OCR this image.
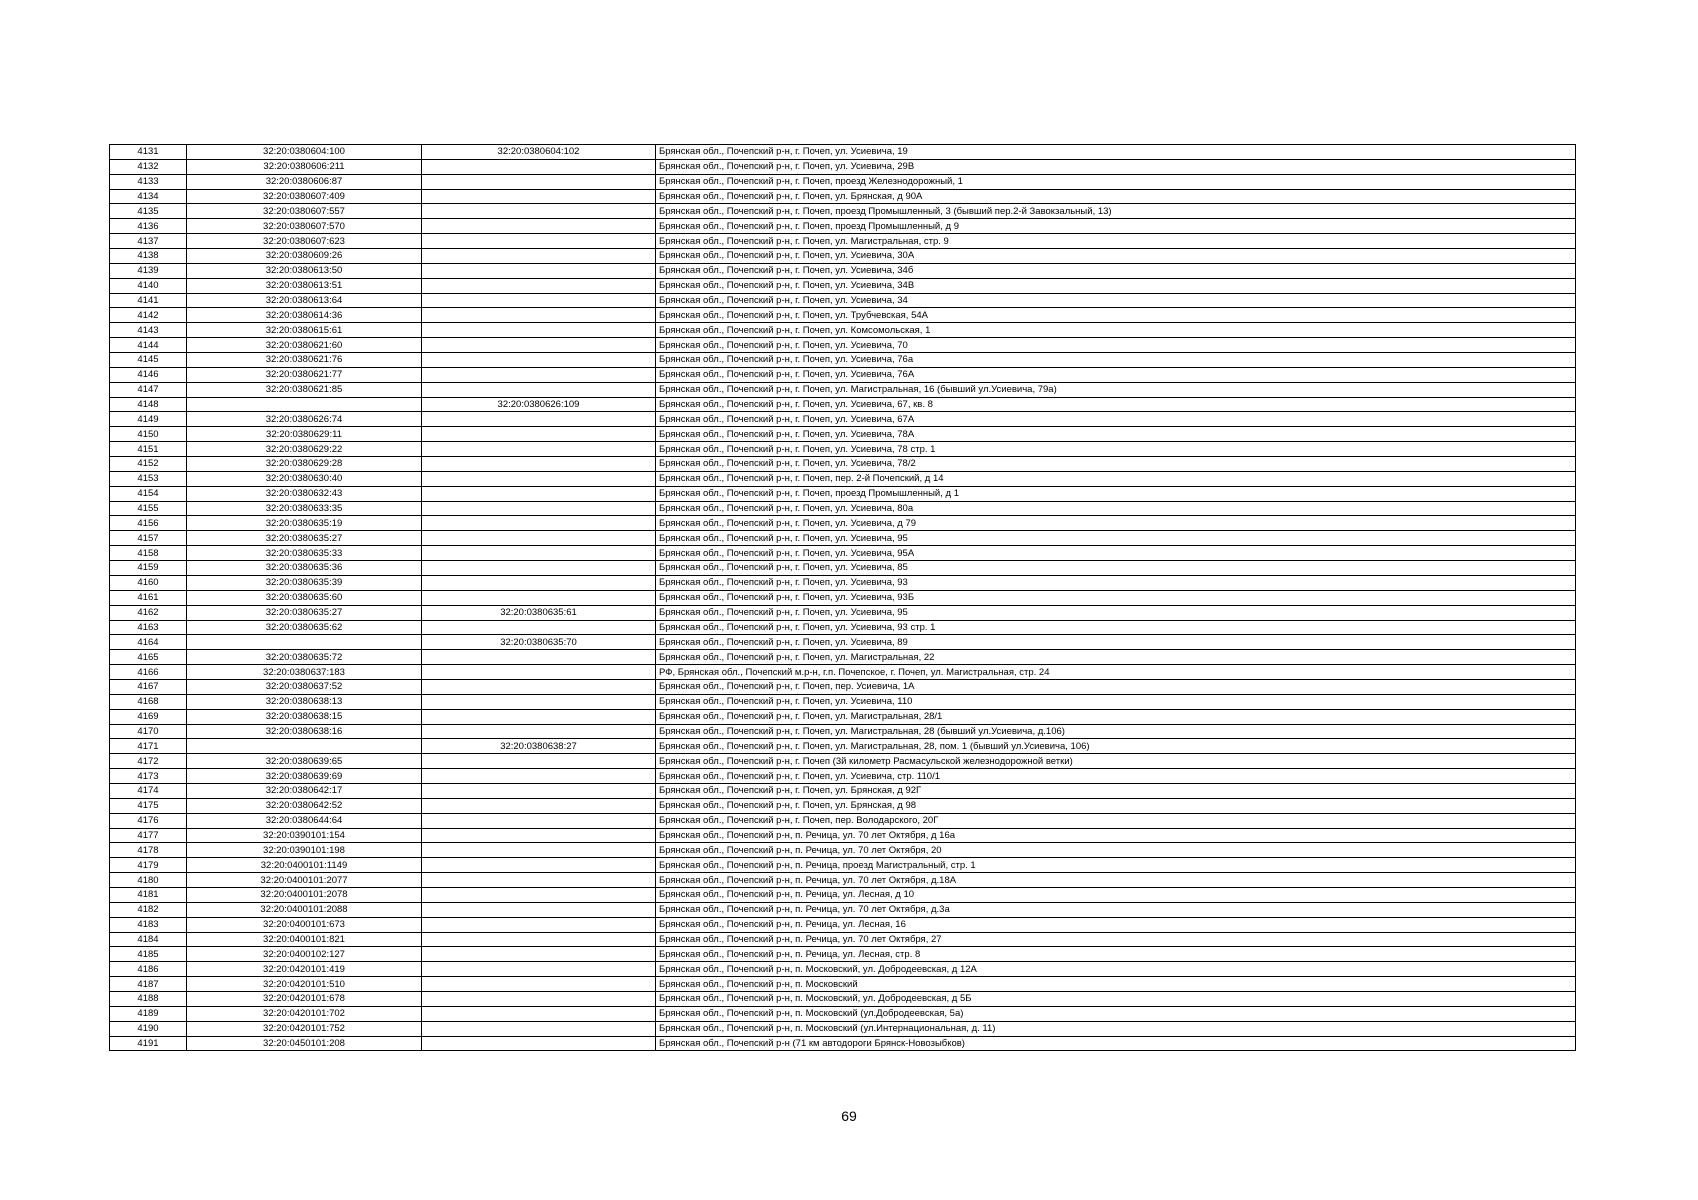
4131	32:20:0380604:100	32:20:0380604:102	Брянская обл., Почепский р-н, г. Почеп, ул. Усиевича, 19
4132	32:20:0380606:211		Брянская обл., Почепский р-н, г. Почеп, ул. Усиевича, 29В
4133	32:20:0380606:87		Брянская обл., Почепский р-н, г. Почеп, проезд Железнодорожный, 1
4134	32:20:0380607:409		Брянская обл., Почепский р-н, г. Почеп, ул. Брянская, д 90А
4135	32:20:0380607:557		Брянская обл., Почепский р-н, г. Почеп, проезд Промышленный, 3 (бывший пер.2-й Завокзальный, 13)
4136	32:20:0380607:570		Брянская обл., Почепский р-н, г. Почеп, проезд Промышленный, д 9
4137	32:20:0380607:623		Брянская обл., Почепский р-н, г. Почеп, ул. Магистральная, стр. 9
4138	32:20:0380609:26		Брянская обл., Почепский р-н, г. Почеп, ул. Усиевича, 30А
4139	32:20:0380613:50		Брянская обл., Почепский р-н, г. Почеп, ул. Усиевича, 34б
4140	32:20:0380613:51		Брянская обл., Почепский р-н, г. Почеп, ул. Усиевича, 34В
4141	32:20:0380613:64		Брянская обл., Почепский р-н, г. Почеп, ул. Усиевича, 34
4142	32:20:0380614:36		Брянская обл., Почепский р-н, г. Почеп, ул. Трубчевская, 54А
4143	32:20:0380615:61		Брянская обл., Почепский р-н, г. Почеп, ул. Комсомольская, 1
4144	32:20:0380621:60		Брянская обл., Почепский р-н, г. Почеп, ул. Усиевича, 70
4145	32:20:0380621:76		Брянская обл., Почепский р-н, г. Почеп, ул. Усиевича, 76а
4146	32:20:0380621:77		Брянская обл., Почепский р-н, г. Почеп, ул. Усиевича, 76А
4147	32:20:0380621:85		Брянская обл., Почепский р-н, г. Почеп, ул. Магистральная, 16 (бывший ул.Усиевича, 79а)
4148		32:20:0380626:109	Брянская обл., Почепский р-н, г. Почеп, ул. Усиевича, 67, кв. 8
4149	32:20:0380626:74		Брянская обл., Почепский р-н, г. Почеп, ул. Усиевича, 67А
4150	32:20:0380629:11		Брянская обл., Почепский р-н, г. Почеп, ул. Усиевича, 78А
4151	32:20:0380629:22		Брянская обл., Почепский р-н, г. Почеп, ул. Усиевича, 78 стр. 1
4152	32:20:0380629:28		Брянская обл., Почепский р-н, г. Почеп, ул. Усиевича, 78/2
4153	32:20:0380630:40		Брянская обл., Почепский р-н, г. Почеп, пер. 2-й Почепский, д 14
4154	32:20:0380632:43		Брянская обл., Почепский р-н, г. Почеп, проезд Промышленный, д 1
4155	32:20:0380633:35		Брянская обл., Почепский р-н, г. Почеп, ул. Усиевича, 80а
4156	32:20:0380635:19		Брянская обл., Почепский р-н, г. Почеп, ул. Усиевича, д 79
4157	32:20:0380635:27		Брянская обл., Почепский р-н, г. Почеп, ул. Усиевича, 95
4158	32:20:0380635:33		Брянская обл., Почепский р-н, г. Почеп, ул. Усиевича, 95А
4159	32:20:0380635:36		Брянская обл., Почепский р-н, г. Почеп, ул. Усиевича, 85
4160	32:20:0380635:39		Брянская обл., Почепский р-н, г. Почеп, ул. Усиевича, 93
4161	32:20:0380635:60		Брянская обл., Почепский р-н, г. Почеп, ул. Усиевича, 93Б
4162	32:20:0380635:27	32:20:0380635:61	Брянская обл., Почепский р-н, г. Почеп, ул. Усиевича, 95
4163	32:20:0380635:62		Брянская обл., Почепский р-н, г. Почеп, ул. Усиевича, 93 стр. 1
4164		32:20:0380635:70	Брянская обл., Почепский р-н, г. Почеп, ул. Усиевича, 89
4165	32:20:0380635:72		Брянская обл., Почепский р-н, г. Почеп, ул. Магистральная, 22
4166	32:20:0380637:183		РФ, Брянская обл., Почепский м.р-н, г.п. Почепское, г. Почеп, ул. Магистральная, стр. 24
4167	32:20:0380637:52		Брянская обл., Почепский р-н, г. Почеп, пер. Усиевича, 1А
4168	32:20:0380638:13		Брянская обл., Почепский р-н, г. Почеп, ул. Усиевича, 110
4169	32:20:0380638:15		Брянская обл., Почепский р-н, г. Почеп, ул. Магистральная, 28/1
4170	32:20:0380638:16		Брянская обл., Почепский р-н, г. Почеп, ул. Магистральная, 28 (бывший ул.Усиевича, д.106)
4171		32:20:0380638:27	Брянская обл., Почепский р-н, г. Почеп, ул. Магистральная, 28, пом. 1 (бывший ул.Усиевича, 106)
4172	32:20:0380639:65		Брянская обл., Почепский р-н, г. Почеп (3й километр Расмасульской железнодорожной ветки)
4173	32:20:0380639:69		Брянская обл., Почепский р-н, г. Почеп, ул. Усиевича, стр. 110/1
4174	32:20:0380642:17		Брянская обл., Почепский р-н, г. Почеп, ул. Брянская, д 92Г
4175	32:20:0380642:52		Брянская обл., Почепский р-н, г. Почеп, ул. Брянская, д 98
4176	32:20:0380644:64		Брянская обл., Почепский р-н, г. Почеп, пер. Володарского, 20Г
4177	32:20:0390101:154		Брянская обл., Почепский р-н, п. Речица, ул. 70 лет Октября, д 16а
4178	32:20:0390101:198		Брянская обл., Почепский р-н, п. Речица, ул. 70 лет Октября, 20
4179	32:20:0400101:1149		Брянская обл., Почепский р-н, п. Речица, проезд Магистральный, стр. 1
4180	32:20:0400101:2077		Брянская обл., Почепский р-н, п. Речица, ул. 70 лет Октября, д.18А
4181	32:20:0400101:2078		Брянская обл., Почепский р-н, п. Речица, ул. Лесная, д 10
4182	32:20:0400101:2088		Брянская обл., Почепский р-н, п. Речица, ул. 70 лет Октября, д.3а
4183	32:20:0400101:673		Брянская обл., Почепский р-н, п. Речица, ул. Лесная, 16
4184	32:20:0400101:821		Брянская обл., Почепский р-н, п. Речица, ул. 70 лет Октября, 27
4185	32:20:0400102:127		Брянская обл., Почепский р-н, п. Речица, ул. Лесная, стр. 8
4186	32:20:0420101:419		Брянская обл., Почепский р-н, п. Московский, ул. Добродеевская, д 12А
4187	32:20:0420101:510		Брянская обл., Почепский р-н, п. Московский
4188	32:20:0420101:678		Брянская обл., Почепский р-н, п. Московский, ул. Добродеевская, д 5Б
4189	32:20:0420101:702		Брянская обл., Почепский р-н, п. Московский (ул.Добродеевская, 5а)
4190	32:20:0420101:752		Брянская обл., Почепский р-н, п. Московский (ул.Интернациональная, д. 11)
4191	32:20:0450101:208		Брянская обл., Почепский р-н (71 км автодороги Брянск-Новозыбков)
69
